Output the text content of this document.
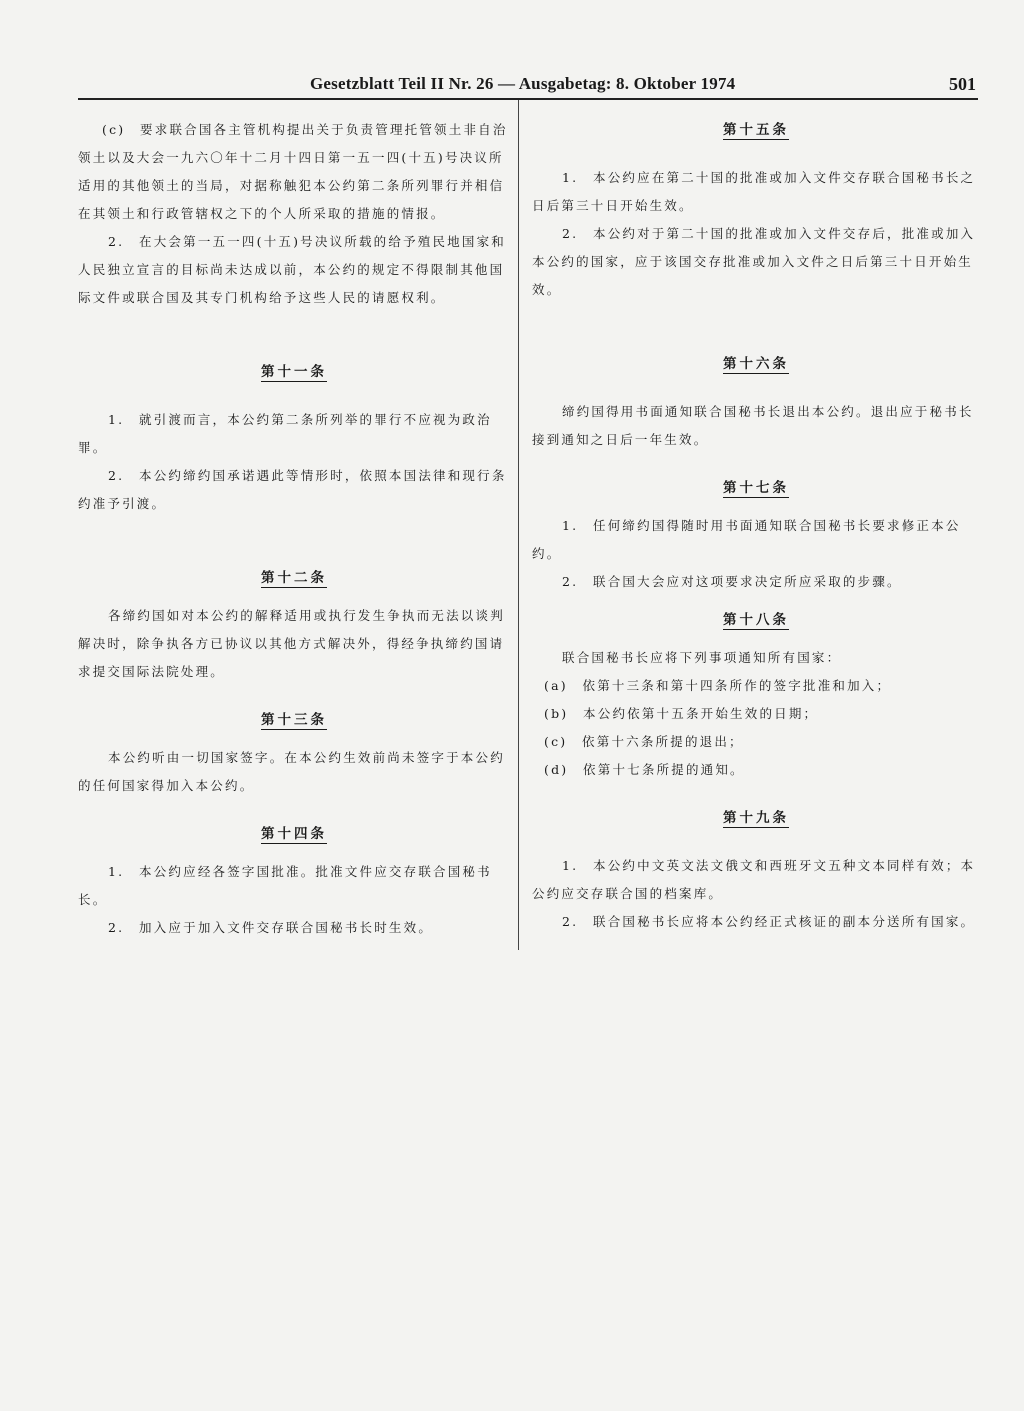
Gesetzblatt Teil II Nr. 26 — Ausgabetag: 8. Oktober 1974	501

(c)　要求联合国各主管机构提出关于负责管理托管领土非自治领土以及大会一九六〇年十二月十四日第一五一四(十五)号决议所适用的其他领土的当局，对据称触犯本公约第二条所列罪行并相信在其领土和行政管辖权之下的个人所采取的措施的情报。

2.　在大会第一五一四(十五)号决议所载的给予殖民地国家和人民独立宣言的目标尚未达成以前，本公约的规定不得限制其他国际文件或联合国及其专门机构给予这些人民的请愿权利。

第十一条

1.　就引渡而言，本公约第二条所列举的罪行不应视为政治罪。

2.　本公约缔约国承诺遇此等情形时，依照本国法律和现行条约准予引渡。

第十二条

各缔约国如对本公约的解释适用或执行发生争执而无法以谈判解决时，除争执各方已协议以其他方式解决外，得经争执缔约国请求提交国际法院处理。

第十三条

本公约听由一切国家签字。在本公约生效前尚未签字于本公约的任何国家得加入本公约。

第十四条

1.　本公约应经各签字国批准。批准文件应交存联合国秘书长。

2.　加入应于加入文件交存联合国秘书长时生效。

第十五条

1.　本公约应在第二十国的批准或加入文件交存联合国秘书长之日后第三十日开始生效。

2.　本公约对于第二十国的批准或加入文件交存后，批准或加入本公约的国家，应于该国交存批准或加入文件之日后第三十日开始生效。

第十六条

缔约国得用书面通知联合国秘书长退出本公约。退出应于秘书长接到通知之日后一年生效。

第十七条

1.　任何缔约国得随时用书面通知联合国秘书长要求修正本公约。

2.　联合国大会应对这项要求决定所应采取的步骤。

第十八条

联合国秘书长应将下列事项通知所有国家：

(a)　依第十三条和第十四条所作的签字批准和加入；

(b)　本公约依第十五条开始生效的日期；

(c)　依第十六条所提的退出；

(d)　依第十七条所提的通知。

第十九条

1.　本公约中文英文法文俄文和西班牙文五种文本同样有效；本公约应交存联合国的档案库。

2.　联合国秘书长应将本公约经正式核证的副本分送所有国家。
